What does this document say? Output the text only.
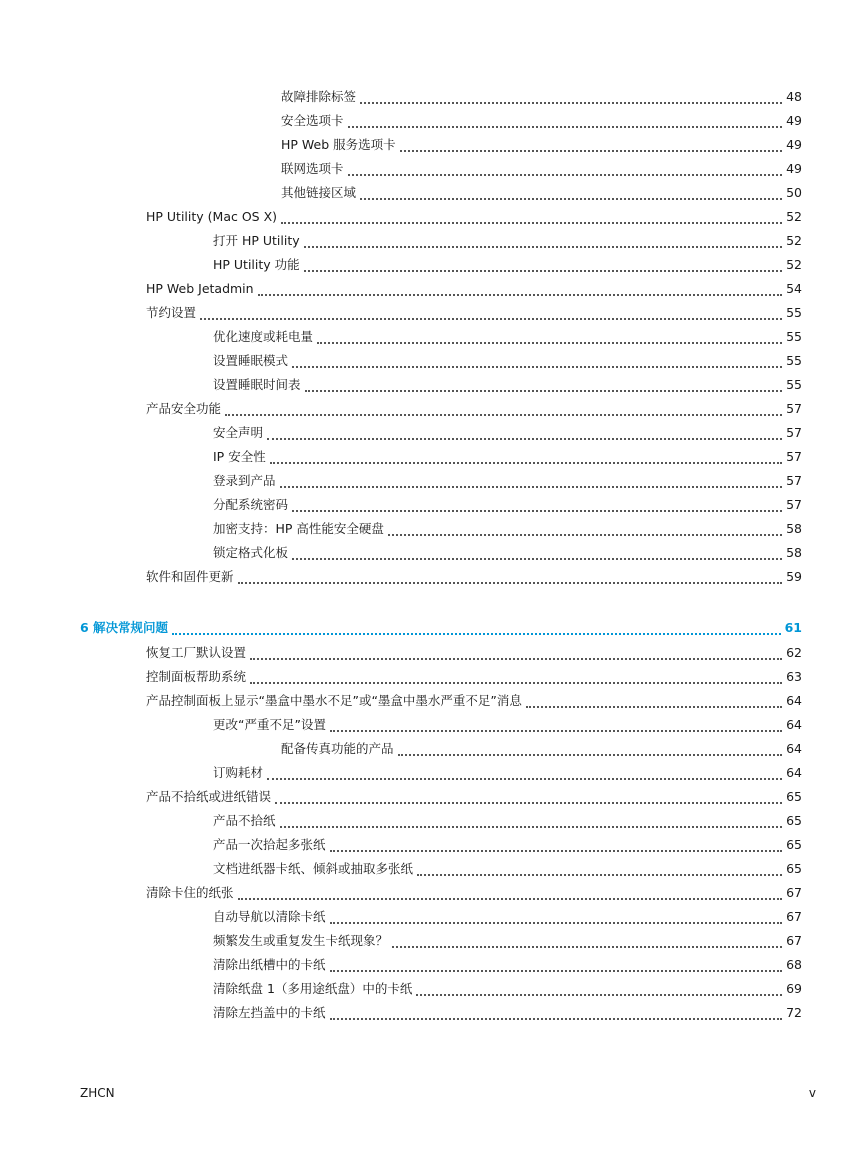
故障排除标签	48
安全选项卡	49
HP Web 服务选项卡	49
联网选项卡	49
其他链接区域	50
HP Utility (Mac OS X)	52
打开 HP Utility	52
HP Utility 功能	52
HP Web Jetadmin	54
节约设置	55
优化速度或耗电量	55
设置睡眠模式	55
设置睡眠时间表	55
产品安全功能	57
安全声明	57
IP 安全性	57
登录到产品	57
分配系统密码	57
加密支持：HP 高性能安全硬盘	58
锁定格式化板	58
软件和固件更新	59
6 解决常规问题	61
恢复工厂默认设置	62
控制面板帮助系统	63
产品控制面板上显示“墨盒中墨水不足”或“墨盒中墨水严重不足”消息	64
更改“严重不足”设置	64
配备传真功能的产品	64
订购耗材	64
产品不拾纸或进纸错误	65
产品不拾纸	65
产品一次拾起多张纸	65
文档进纸器卡纸、倾斜或抽取多张纸	65
清除卡住的纸张	67
自动导航以清除卡纸	67
频繁发生或重复发生卡纸现象？	67
清除出纸槽中的卡纸	68
清除纸盘 1（多用途纸盘）中的卡纸	69
清除左挡盖中的卡纸	72
ZHCN	v
